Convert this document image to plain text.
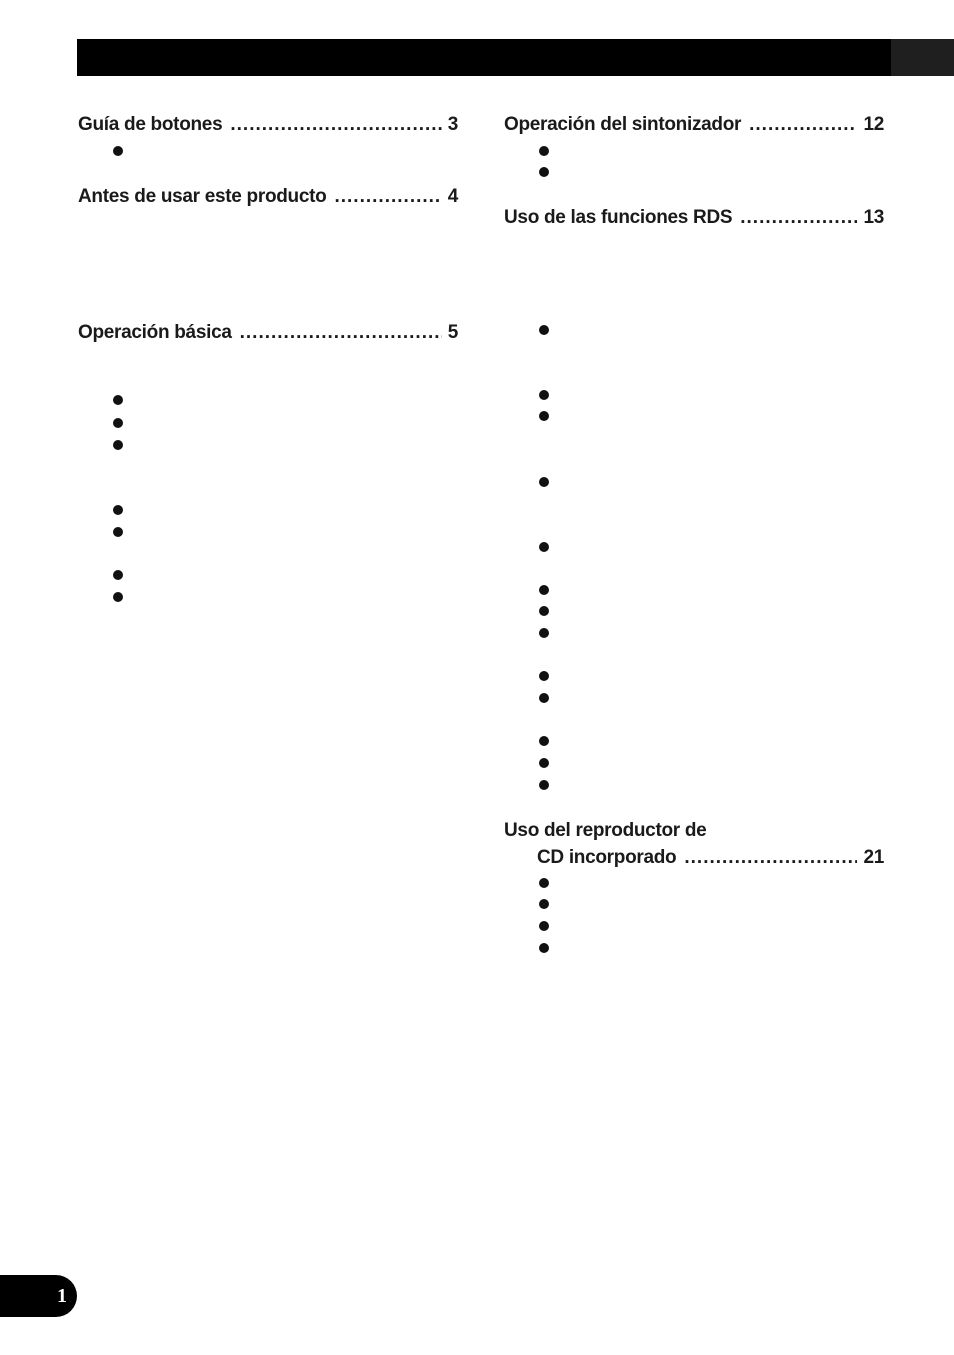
Guía de botones .....	3
Antes de usar este producto .....	4
Operación básica .....	5
Operación del sintonizador .....	12
Uso de las funciones RDS .....	13
Uso del reproductor de
CD incorporado .....	21
1
